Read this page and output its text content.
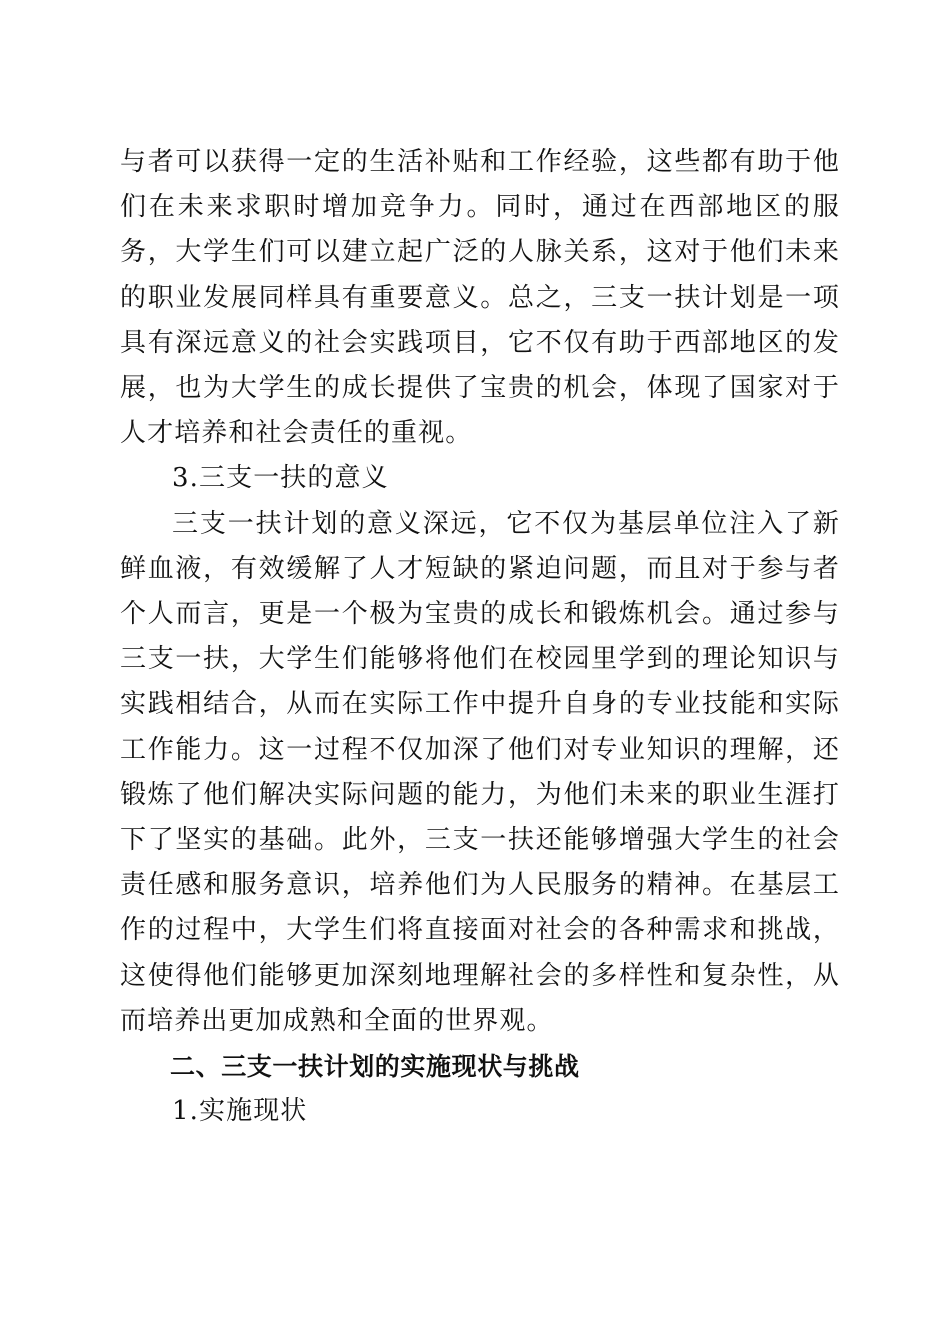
与者可以获得一定的生活补贴和工作经验，这些都有助于他们在未来求职时增加竞争力。同时，通过在西部地区的服务，大学生们可以建立起广泛的人脉关系，这对于他们未来的职业发展同样具有重要意义。总之，三支一扶计划是一项具有深远意义的社会实践项目，它不仅有助于西部地区的发展，也为大学生的成长提供了宝贵的机会，体现了国家对于人才培养和社会责任的重视。

3.三支一扶的意义

三支一扶计划的意义深远，它不仅为基层单位注入了新鲜血液，有效缓解了人才短缺的紧迫问题，而且对于参与者个人而言，更是一个极为宝贵的成长和锻炼机会。通过参与三支一扶，大学生们能够将他们在校园里学到的理论知识与实践相结合，从而在实际工作中提升自身的专业技能和实际工作能力。这一过程不仅加深了他们对专业知识的理解，还锻炼了他们解决实际问题的能力，为他们未来的职业生涯打下了坚实的基础。此外，三支一扶还能够增强大学生的社会责任感和服务意识，培养他们为人民服务的精神。在基层工作的过程中，大学生们将直接面对社会的各种需求和挑战，这使得他们能够更加深刻地理解社会的多样性和复杂性，从而培养出更加成熟和全面的世界观。

二、三支一扶计划的实施现状与挑战

1.实施现状
